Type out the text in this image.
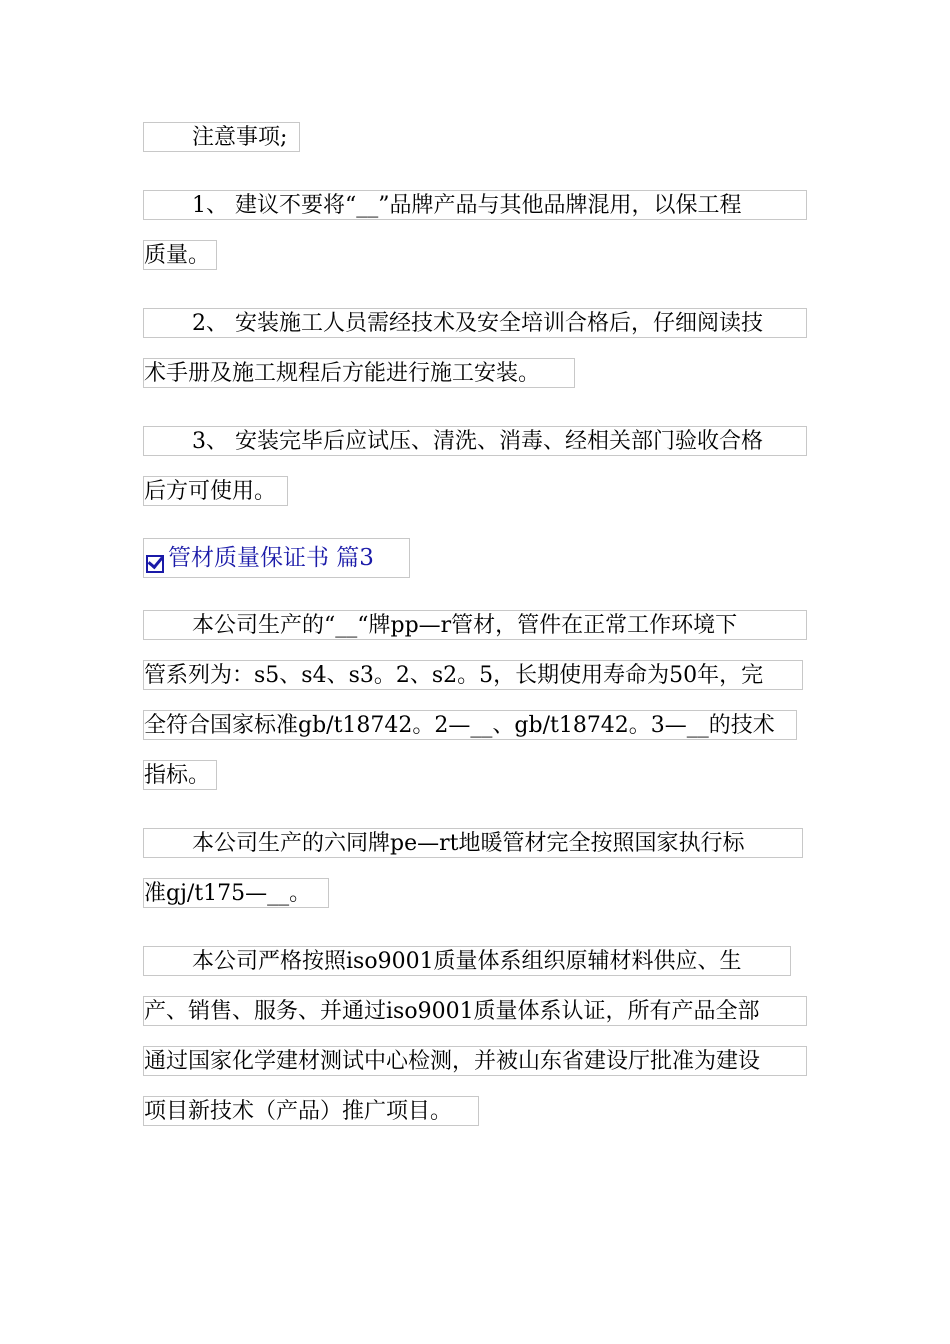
注意事项;
1、 建议不要将“__”品牌产品与其他品牌混用，以保工程
质量。
2、 安装施工人员需经技术及安全培训合格后，仔细阅读技
术手册及施工规程后方能进行施工安装。
3、 安装完毕后应试压、清洗、消毒、经相关部门验收合格
后方可使用。
管材质量保证书 篇3
本公司生产的“__“牌pp—r管材，管件在正常工作环境下
管系列为：s5、s4、s3。2、s2。5，长期使用寿命为50年，完
全符合国家标准gb/t18742。2—__、gb/t18742。3—__的技术
指标。
本公司生产的六同牌pe—rt地暖管材完全按照国家执行标
准gj/t175—__。
本公司严格按照iso9001质量体系组织原辅材料供应、生
产、销售、服务、并通过iso9001质量体系认证，所有产品全部
通过国家化学建材测试中心检测，并被山东省建设厅批准为建设
项目新技术（产品）推广项目。
